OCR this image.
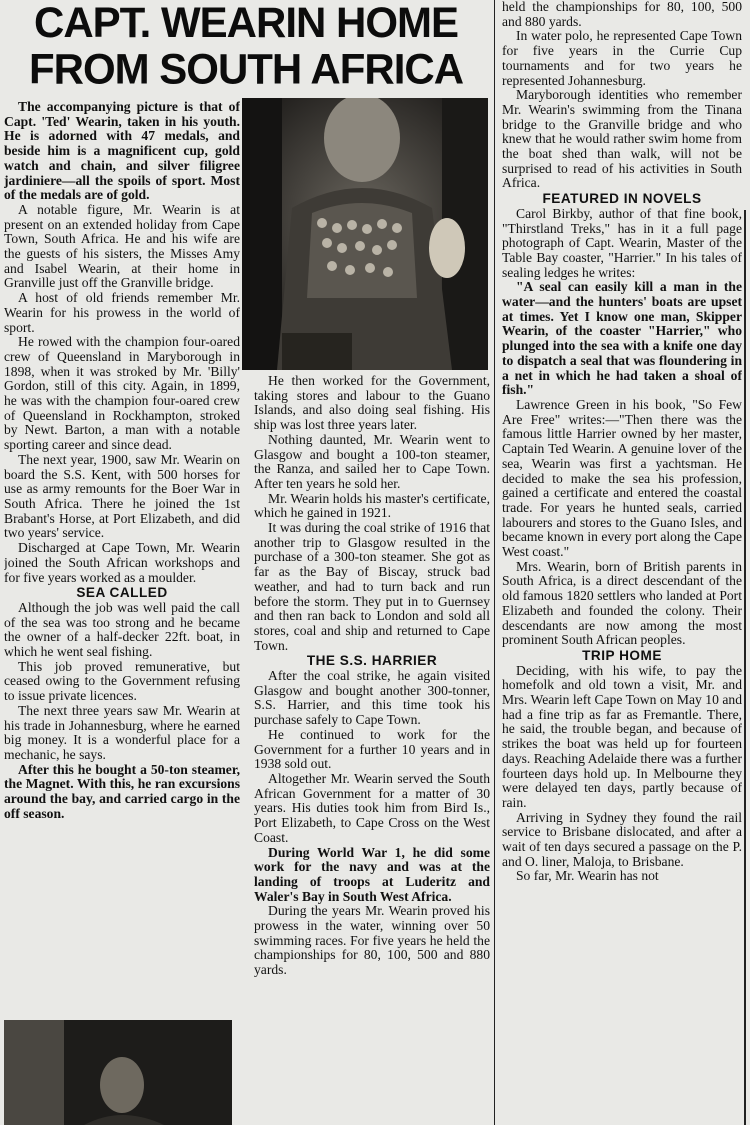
CAPT. WEARIN HOME
FROM SOUTH AFRICA

The accompanying picture is that of Capt. 'Ted' Wearin, taken in his youth. He is adorned with 47 medals, and beside him is a magnificent cup, gold watch and chain, and silver filigree jardiniere—all the spoils of sport. Most of the medals are of gold.

A notable figure, Mr. Wearin is at present on an extended holiday from Cape Town, South Africa. He and his wife are the guests of his sisters, the Misses Amy and Isabel Wearin, at their home in Granville just off the Granville bridge.

A host of old friends remember Mr. Wearin for his prowess in the world of sport.

He rowed with the champion four-oared crew of Queensland in Maryborough in 1898, when it was stroked by Mr. 'Billy' Gordon, still of this city. Again, in 1899, he was with the champion four-oared crew of Queensland in Rockhampton, stroked by Newt. Barton, a man with a notable sporting career and since dead.

The next year, 1900, saw Mr. Wearin on board the S.S. Kent, with 500 horses for use as army remounts for the Boer War in South Africa. There he joined the 1st Brabant's Horse, at Port Elizabeth, and did two years' service.

Discharged at Cape Town, Mr. Wearin joined the South African workshops and for five years worked as a moulder.

SEA CALLED

Although the job was well paid the call of the sea was too strong and he became the owner of a half-decker 22ft. boat, in which he went seal fishing.

This job proved remunerative, but ceased owing to the Government refusing to issue private licences.

The next three years saw Mr. Wearin at his trade in Johannesburg, where he earned big money. It is a wonderful place for a mechanic, he says.

After this he bought a 50-ton steamer, the Magnet. With this, he ran excursions around the bay, and carried cargo in the off season.

He then worked for the Government, taking stores and labour to the Guano Islands, and also doing seal fishing. His ship was lost three years later.

Nothing daunted, Mr. Wearin went to Glasgow and bought a 100-ton steamer, the Ranza, and sailed her to Cape Town. After ten years he sold her.

Mr. Wearin holds his master's certificate, which he gained in 1921.

It was during the coal strike of 1916 that another trip to Glasgow resulted in the purchase of a 300-ton steamer. She got as far as the Bay of Biscay, struck bad weather, and had to turn back and run before the storm. They put in to Guernsey and then ran back to London and sold all stores, coal and ship and returned to Cape Town.

THE S.S. HARRIER

After the coal strike, he again visited Glasgow and bought another 300-tonner, S.S. Harrier, and this time took his purchase safely to Cape Town.

He continued to work for the Government for a further 10 years and in 1938 sold out.

Altogether Mr. Wearin served the South African Government for a matter of 30 years. His duties took him from Bird Is., Port Elizabeth, to Cape Cross on the West Coast.

During World War 1, he did some work for the navy and was at the landing of troops at Luderitz and Waler's Bay in South West Africa.

During the years Mr. Wearin proved his prowess in the water, winning over 50 swimming races. For five years he held the championships for 80, 100, 500 and 880 yards.

held the championships for 80, 100, 500 and 880 yards.

In water polo, he represented Cape Town for five years in the Currie Cup tournaments and for two years he represented Johannesburg.

Maryborough identities who remember Mr. Wearin's swimming from the Tinana bridge to the Granville bridge and who knew that he would rather swim home from the boat shed than walk, will not be surprised to read of his activities in South Africa.

FEATURED IN NOVELS

Carol Birkby, author of that fine book, "Thirstland Treks," has in it a full page photograph of Capt. Wearin, Master of the Table Bay coaster, "Harrier." In his tales of sealing ledges he writes:

"A seal can easily kill a man in the water—and the hunters' boats are upset at times. Yet I know one man, Skipper Wearin, of the coaster "Harrier," who plunged into the sea with a knife one day to dispatch a seal that was floundering in a net in which he had taken a shoal of fish."

Lawrence Green in his book, "So Few Are Free" writes:—"Then there was the famous little Harrier owned by her master, Captain Ted Wearin. A genuine lover of the sea, Wearin was first a yachtsman. He decided to make the sea his profession, gained a certificate and entered the coastal trade. For years he hunted seals, carried labourers and stores to the Guano Isles, and became known in every port along the Cape West coast."

Mrs. Wearin, born of British parents in South Africa, is a direct descendant of the old famous 1820 settlers who landed at Port Elizabeth and founded the colony. Their descendants are now among the most prominent South African peoples.

TRIP HOME

Deciding, with his wife, to pay the homefolk and old town a visit, Mr. and Mrs. Wearin left Cape Town on May 10 and had a fine trip as far as Fremantle. There, he said, the trouble began, and because of strikes the boat was held up for fourteen days. Reaching Adelaide there was a further fourteen days hold up. In Melbourne they were delayed ten days, partly because of rain.

Arriving in Sydney they found the rail service to Brisbane dislocated, and after a wait of ten days secured a passage on the P. and O. liner, Maloja, to Brisbane.

So far, Mr. Wearin has not
